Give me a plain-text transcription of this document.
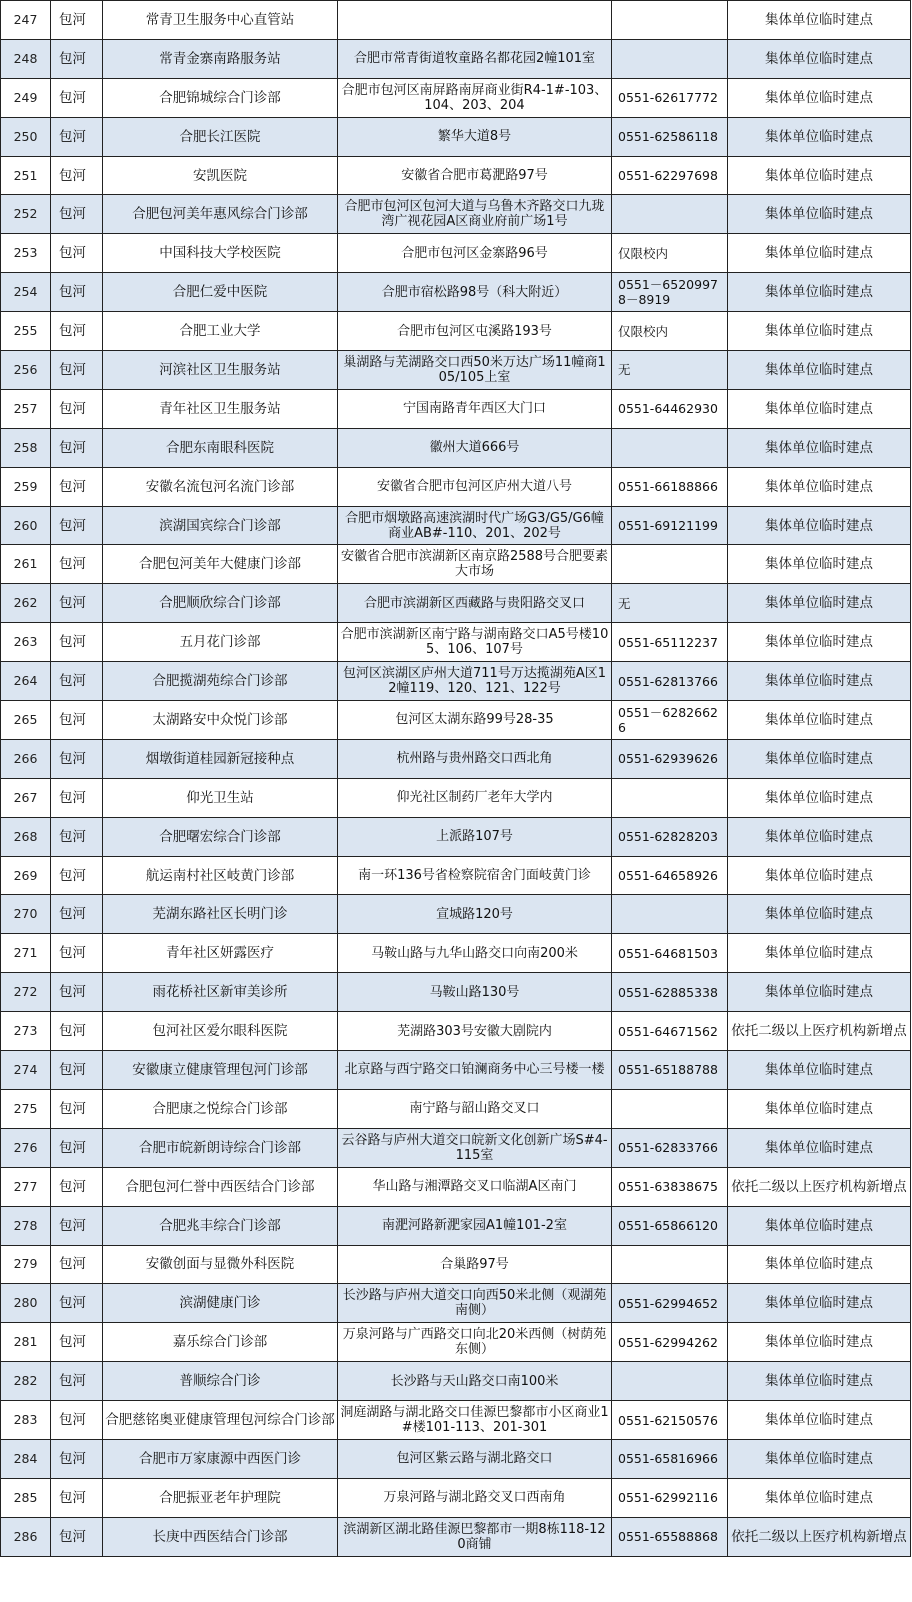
247	包河	常青卫生服务中心直管站			集体单位临时建点
248	包河	常青金寨南路服务站	合肥市常青街道牧童路名都花园2幢101室		集体单位临时建点
249	包河	合肥锦城综合门诊部	合肥市包河区南屏路南屏商业街R4-1#-103、104、203、204	0551-62617772	集体单位临时建点
250	包河	合肥长江医院	繁华大道8号	0551-62586118	集体单位临时建点
251	包河	安凯医院	安徽省合肥市葛淝路97号	0551-62297698	集体单位临时建点
252	包河	合肥包河美年惠风综合门诊部	合肥市包河区包河大道与乌鲁木齐路交口九珑湾广视花园A区商业府前广场1号		集体单位临时建点
253	包河	中国科技大学校医院	合肥市包河区金寨路96号	仅限校内	集体单位临时建点
254	包河	合肥仁爱中医院	合肥市宿松路98号（科大附近）	0551－65209978－8919	集体单位临时建点
255	包河	合肥工业大学	合肥市包河区屯溪路193号	仅限校内	集体单位临时建点
256	包河	河滨社区卫生服务站	巢湖路与芜湖路交口西50米万达广场11幢商105/105上室	无	集体单位临时建点
257	包河	青年社区卫生服务站	宁国南路青年西区大门口	0551-64462930	集体单位临时建点
258	包河	合肥东南眼科医院	徽州大道666号		集体单位临时建点
259	包河	安徽名流包河名流门诊部	安徽省合肥市包河区庐州大道八号	0551-66188866	集体单位临时建点
260	包河	滨湖国宾综合门诊部	合肥市烟墩路高速滨湖时代广场G3/G5/G6幢商业AB#-110、201、202号	0551-69121199	集体单位临时建点
261	包河	合肥包河美年大健康门诊部	安徽省合肥市滨湖新区南京路2588号合肥要素大市场		集体单位临时建点
262	包河	合肥顺欣综合门诊部	合肥市滨湖新区西藏路与贵阳路交叉口	无	集体单位临时建点
263	包河	五月花门诊部	合肥市滨湖新区南宁路与湖南路交口A5号楼105、106、107号	0551-65112237	集体单位临时建点
264	包河	合肥揽湖苑综合门诊部	包河区滨湖区庐州大道711号万达揽湖苑A区12幢119、120、121、122号	0551-62813766	集体单位临时建点
265	包河	太湖路安中众悦门诊部	包河区太湖东路99号28-35	0551－62826626	集体单位临时建点
266	包河	烟墩街道桂园新冠接种点	杭州路与贵州路交口西北角	0551-62939626	集体单位临时建点
267	包河	仰光卫生站	仰光社区制药厂老年大学内		集体单位临时建点
268	包河	合肥曙宏综合门诊部	上派路107号	0551-62828203	集体单位临时建点
269	包河	航运南村社区岐黄门诊部	南一环136号省检察院宿舍门面岐黄门诊	0551-64658926	集体单位临时建点
270	包河	芜湖东路社区长明门诊	宣城路120号		集体单位临时建点
271	包河	青年社区妍露医疗	马鞍山路与九华山路交口向南200米	0551-64681503	集体单位临时建点
272	包河	雨花桥社区新审美诊所	马鞍山路130号	0551-62885338	集体单位临时建点
273	包河	包河社区爱尔眼科医院	芜湖路303号安徽大剧院内	0551-64671562	依托二级以上医疗机构新增点
274	包河	安徽康立健康管理包河门诊部	北京路与西宁路交口铂澜商务中心三号楼一楼	0551-65188788	集体单位临时建点
275	包河	合肥康之悦综合门诊部	南宁路与韶山路交叉口		集体单位临时建点
276	包河	合肥市皖新朗诗综合门诊部	云谷路与庐州大道交口皖新文化创新广场S#4-115室	0551-62833766	集体单位临时建点
277	包河	合肥包河仁誉中西医结合门诊部	华山路与湘潭路交叉口临湖A区南门	0551-63838675	依托二级以上医疗机构新增点
278	包河	合肥兆丰综合门诊部	南淝河路新淝家园A1幢101-2室	0551-65866120	集体单位临时建点
279	包河	安徽创面与显微外科医院	合巢路97号		集体单位临时建点
280	包河	滨湖健康门诊	长沙路与庐州大道交口向西50米北侧（观湖苑南侧）	0551-62994652	集体单位临时建点
281	包河	嘉乐综合门诊部	万泉河路与广西路交口向北20米西侧（树荫苑东侧）	0551-62994262	集体单位临时建点
282	包河	普顺综合门诊	长沙路与天山路交口南100米		集体单位临时建点
283	包河	合肥慈铭奥亚健康管理包河综合门诊部	洞庭湖路与湖北路交口佳源巴黎都市小区商业1#楼101-113、201-301	0551-62150576	集体单位临时建点
284	包河	合肥市万家康源中西医门诊	包河区紫云路与湖北路交口	0551-65816966	集体单位临时建点
285	包河	合肥振亚老年护理院	万泉河路与湖北路交叉口西南角	0551-62992116	集体单位临时建点
286	包河	长庚中西医结合门诊部	滨湖新区湖北路佳源巴黎都市一期8栋118-120商铺	0551-65588868	依托二级以上医疗机构新增点
